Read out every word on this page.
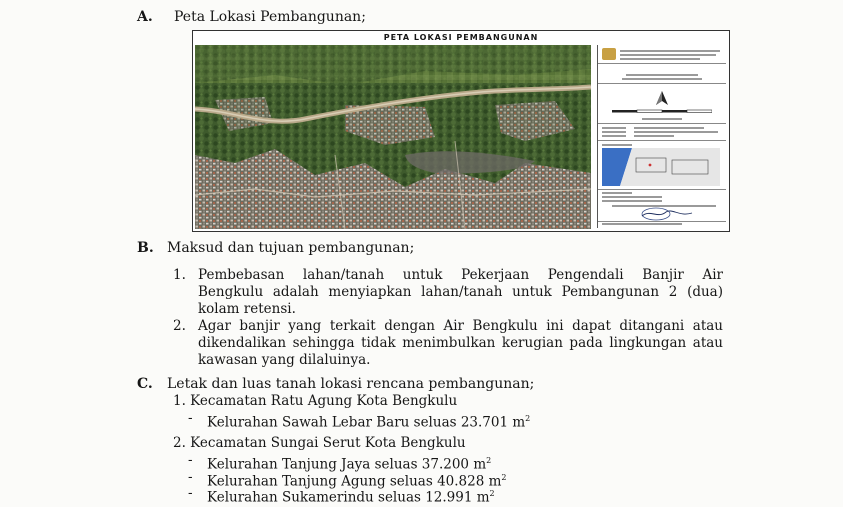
A. Peta Lokasi Pembangunan;
PETA LOKASI PEMBANGUNAN
B. Maksud dan tujuan pembangunan;
1. Pembebasan lahan/tanah untuk Pekerjaan Pengendali Banjir Air
Bengkulu adalah menyiapkan lahan/tanah untuk Pembangunan 2 (dua)
kolam retensi.
2. Agar banjir yang terkait dengan Air Bengkulu ini dapat ditangani atau
dikendalikan sehingga tidak menimbulkan kerugian pada lingkungan atau
kawasan yang dilaluinya.
C. Letak dan luas tanah lokasi rencana pembangunan;
1. Kecamatan Ratu Agung Kota Bengkulu
- Kelurahan Sawah Lebar Baru seluas 23.701 $m^2$
2. Kecamatan Sungai Serut Kota Bengkulu
- Kelurahan Tanjung Jaya seluas 37.200 $m^2$
- Kelurahan Tanjung Agung seluas 40.828 $m^2$
- Kelurahan Sukamerindu seluas 12.991 $m^2$
